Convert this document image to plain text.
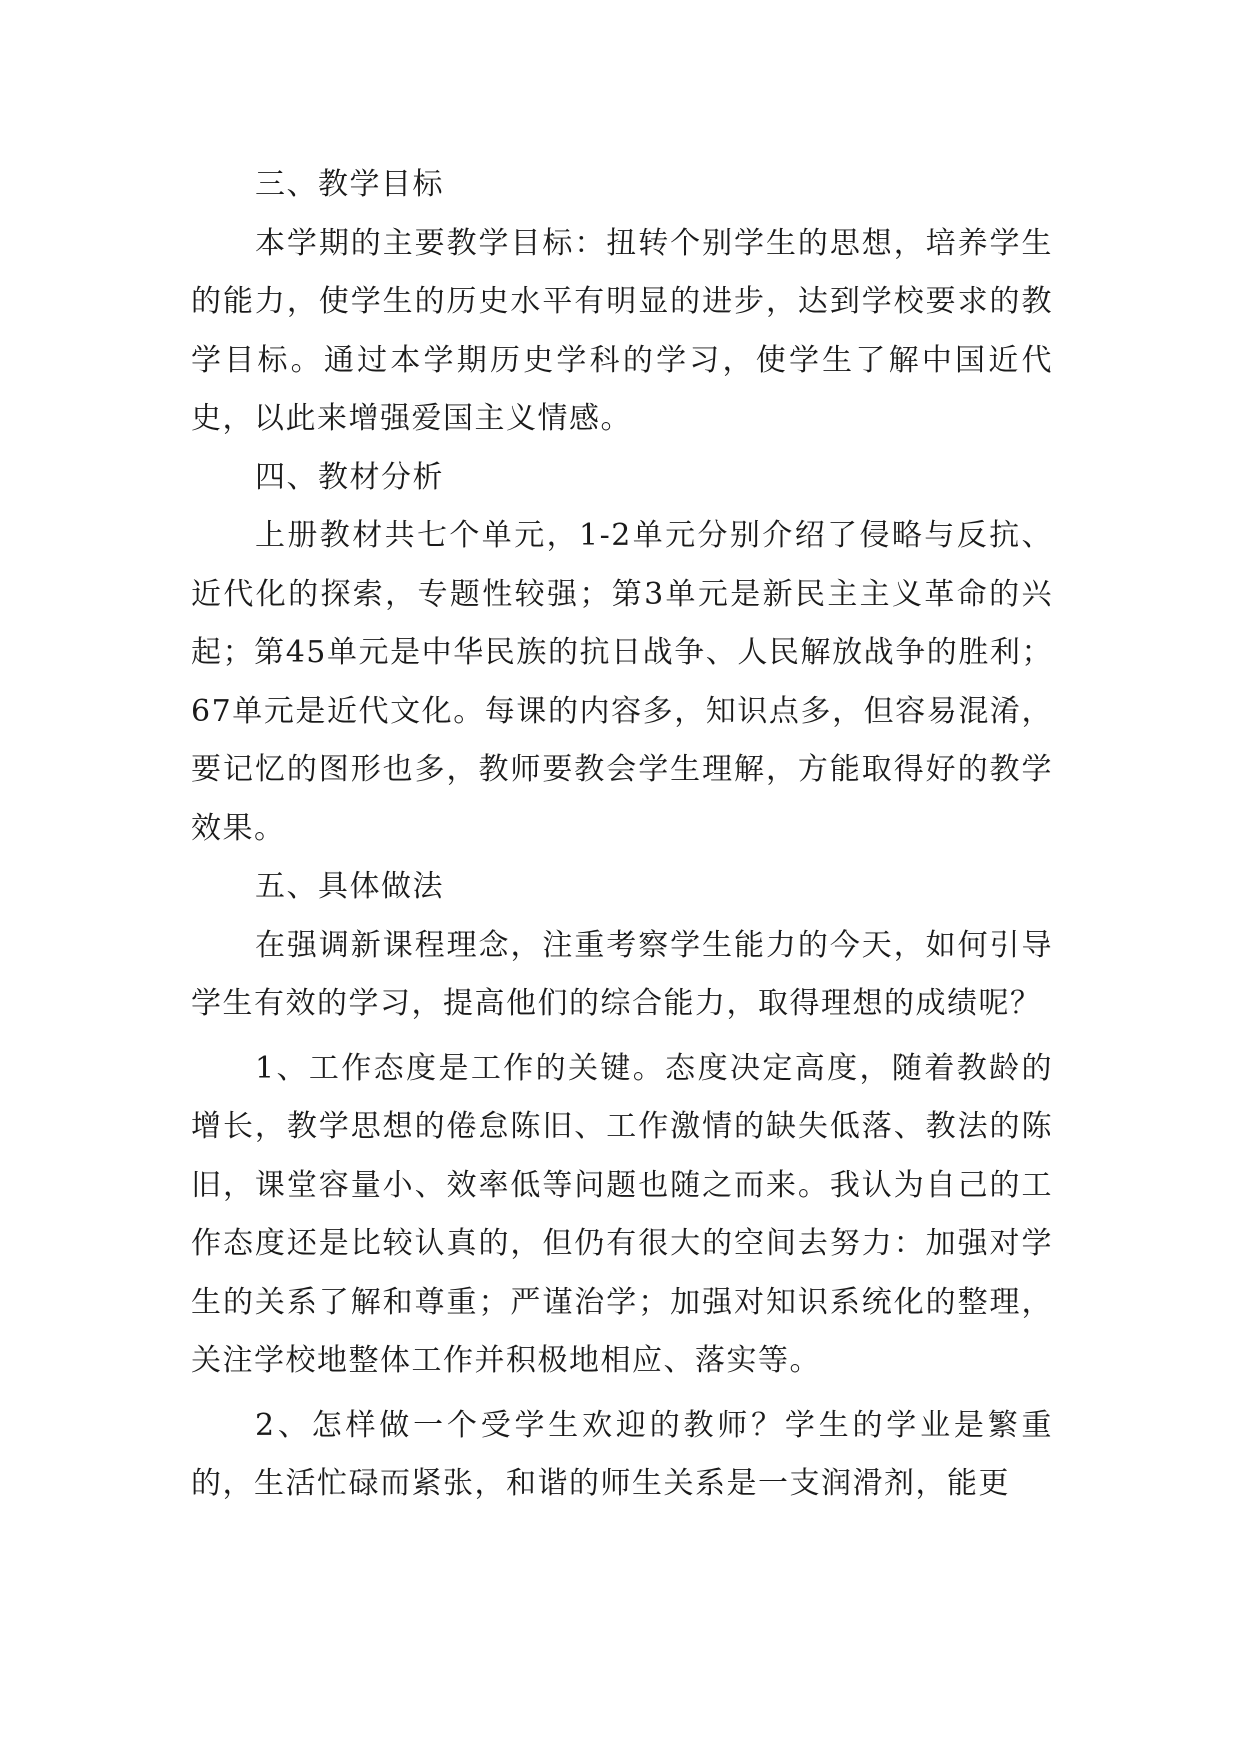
三、教学目标

本学期的主要教学目标：扭转个别学生的思想，培养学生的能力，使学生的历史水平有明显的进步，达到学校要求的教学目标。通过本学期历史学科的学习，使学生了解中国近代史，以此来增强爱国主义情感。

四、教材分析

上册教材共七个单元，1-2单元分别介绍了侵略与反抗、近代化的探索，专题性较强；第3单元是新民主主义革命的兴起；第45单元是中华民族的抗日战争、人民解放战争的胜利；67单元是近代文化。每课的内容多，知识点多，但容易混淆，要记忆的图形也多，教师要教会学生理解，方能取得好的教学效果。

五、具体做法

在强调新课程理念，注重考察学生能力的今天，如何引导学生有效的学习，提高他们的综合能力，取得理想的成绩呢？

1、工作态度是工作的关键。态度决定高度，随着教龄的增长，教学思想的倦怠陈旧、工作激情的缺失低落、教法的陈旧，课堂容量小、效率低等问题也随之而来。我认为自己的工作态度还是比较认真的，但仍有很大的空间去努力：加强对学生的关系了解和尊重；严谨治学；加强对知识系统化的整理，关注学校地整体工作并积极地相应、落实等。

2、怎样做一个受学生欢迎的教师？学生的学业是繁重的，生活忙碌而紧张，和谐的师生关系是一支润滑剂，能更
